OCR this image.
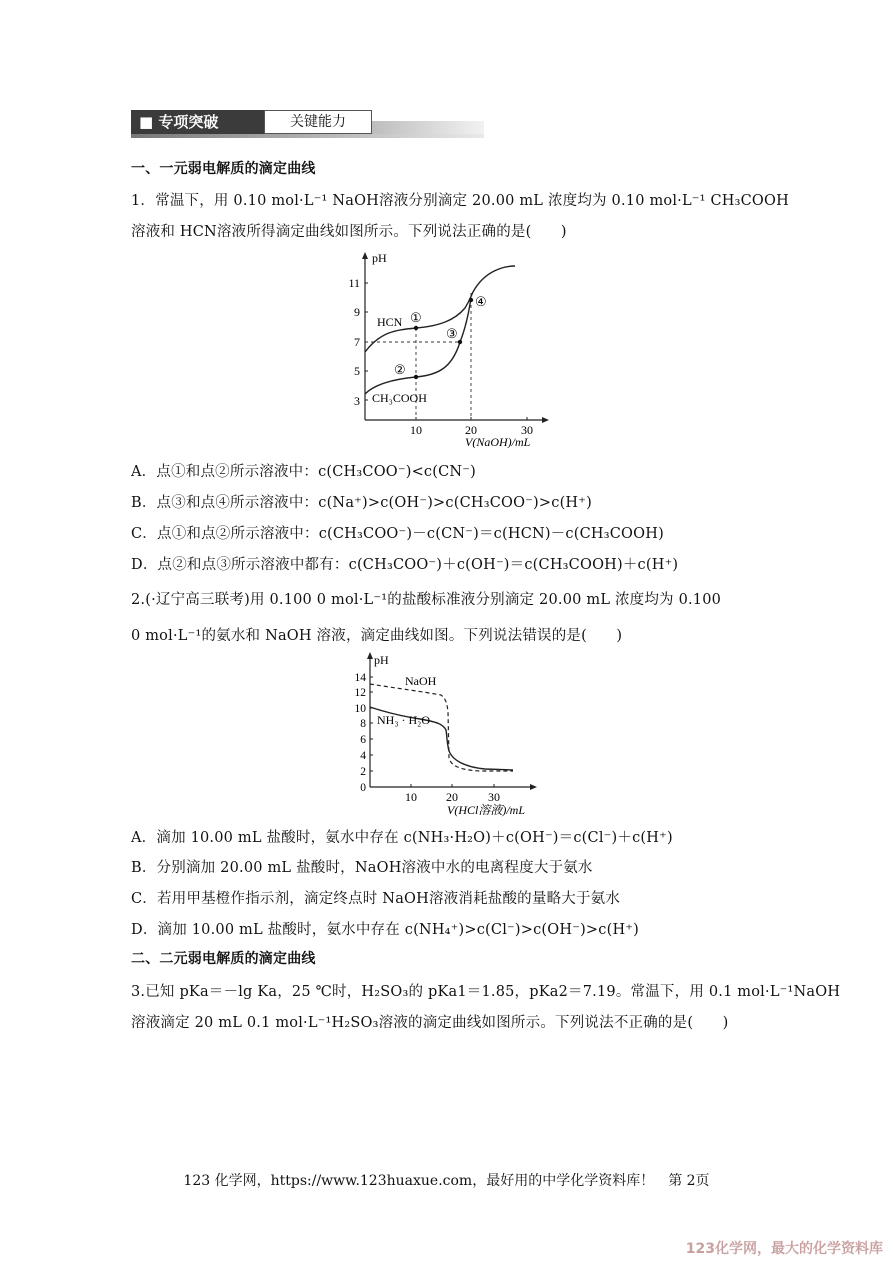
■ 专项突破	关键能力
一、一元弱电解质的滴定曲线
1．常温下，用 0.10 mol·L⁻¹ NaOH溶液分别滴定 20.00 mL 浓度均为 0.10 mol·L⁻¹ CH₃COOH
溶液和 HCN溶液所得滴定曲线如图所示。下列说法正确的是(　　)
pH
3
5
7
9
11
10	20	30
V(NaOH)/mL
HCN ①
②
③
④
CH₃COOH
A．点①和点②所示溶液中：c(CH₃COO⁻)<c(CN⁻)
B．点③和点④所示溶液中：c(Na⁺)>c(OH⁻)>c(CH₃COO⁻)>c(H⁺)
C．点①和点②所示溶液中：c(CH₃COO⁻)－c(CN⁻)＝c(HCN)－c(CH₃COOH)
D．点②和点③所示溶液中都有：c(CH₃COO⁻)＋c(OH⁻)＝c(CH₃COOH)＋c(H⁺)
2.(·辽宁高三联考)用 0.100 0 mol·L⁻¹的盐酸标准液分别滴定 20.00 mL 浓度均为 0.100
0 mol·L⁻¹的氨水和 NaOH 溶液，滴定曲线如图。下列说法错误的是(　　)
pH
0
2
4
6
8
10
12
14
10 20	30
V(HCl溶液)/mL
NaOH
NH₃ · H₂O
A．滴加 10.00 mL 盐酸时，氨水中存在 c(NH₃·H₂O)＋c(OH⁻)＝c(Cl⁻)＋c(H⁺)
B．分别滴加 20.00 mL 盐酸时，NaOH溶液中水的电离程度大于氨水
C．若用甲基橙作指示剂，滴定终点时 NaOH溶液消耗盐酸的量略大于氨水
D．滴加 10.00 mL 盐酸时，氨水中存在 c(NH₄⁺)>c(Cl⁻)>c(OH⁻)>c(H⁺)
二、二元弱电解质的滴定曲线
3.已知 pKa＝－lg Ka，25 ℃时，H₂SO₃的 pKa1＝1.85，pKa2＝7.19。常温下，用 0.1 mol·L⁻¹NaOH
溶液滴定 20 mL 0.1 mol·L⁻¹H₂SO₃溶液的滴定曲线如图所示。下列说法不正确的是(　　)
123 化学网，https://www.123huaxue.com，最好用的中学化学资料库！　第 2页
123化学网，最大的化学资料库
